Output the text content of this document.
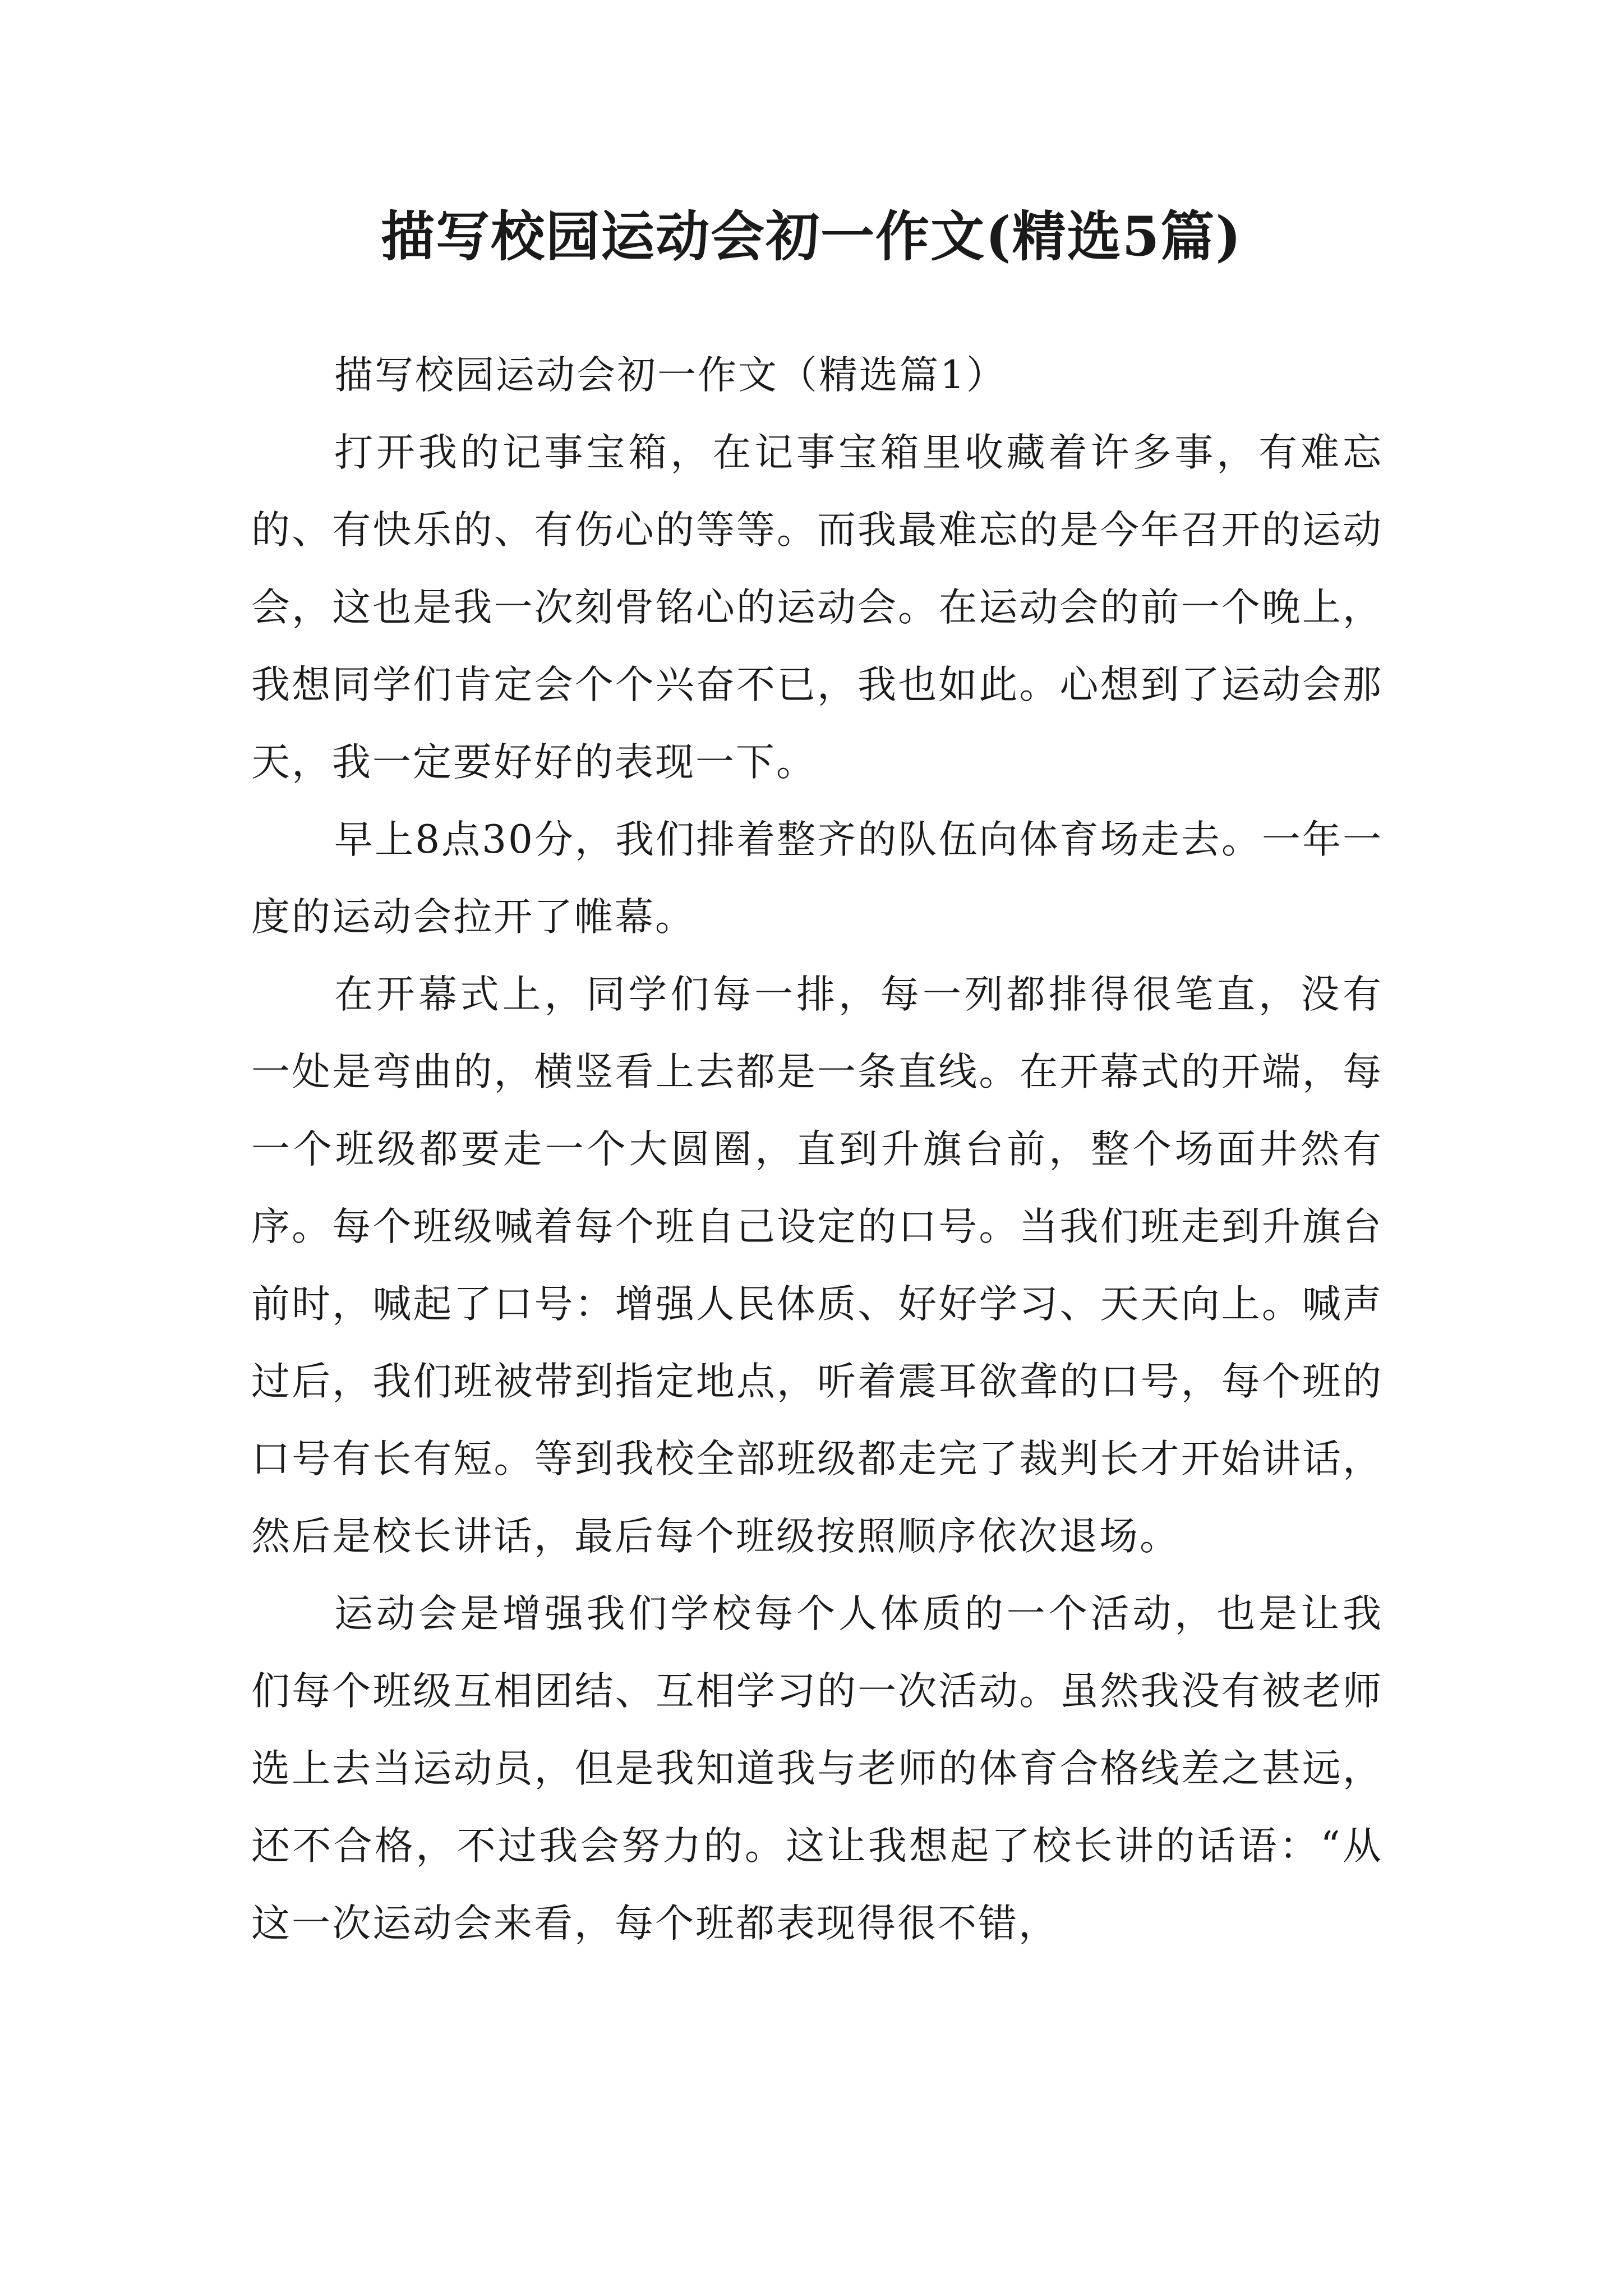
描写校园运动会初一作文(精选5篇)

描写校园运动会初一作文（精选篇1）

打开我的记事宝箱，在记事宝箱里收藏着许多事，有难忘的、有快乐的、有伤心的等等。而我最难忘的是今年召开的运动会，这也是我一次刻骨铭心的运动会。在运动会的前一个晚上，我想同学们肯定会个个兴奋不已，我也如此。心想到了运动会那天，我一定要好好的表现一下。

早上8点30分，我们排着整齐的队伍向体育场走去。一年一度的运动会拉开了帷幕。

在开幕式上，同学们每一排，每一列都排得很笔直，没有一处是弯曲的，横竖看上去都是一条直线。在开幕式的开端，每一个班级都要走一个大圆圈，直到升旗台前，整个场面井然有序。每个班级喊着每个班自己设定的口号。当我们班走到升旗台前时，喊起了口号：增强人民体质、好好学习、天天向上。喊声过后，我们班被带到指定地点，听着震耳欲聋的口号，每个班的口号有长有短。等到我校全部班级都走完了裁判长才开始讲话，然后是校长讲话，最后每个班级按照顺序依次退场。

运动会是增强我们学校每个人体质的一个活动，也是让我们每个班级互相团结、互相学习的一次活动。虽然我没有被老师选上去当运动员，但是我知道我与老师的体育合格线差之甚远，还不合格，不过我会努力的。这让我想起了校长讲的话语：“从这一次运动会来看，每个班都表现得很不错，
